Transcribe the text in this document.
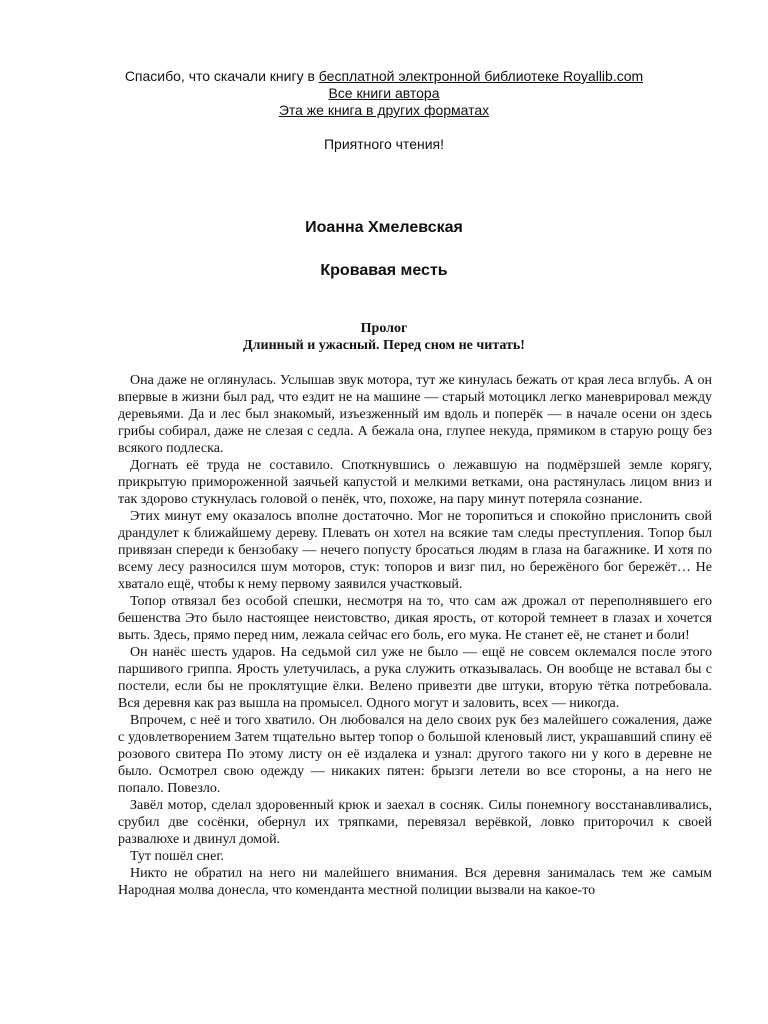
Спасибо, что скачали книгу в бесплатной электронной библиотеке Royallib.com
Все книги автора
Эта же книга в других форматах
Приятного чтения!
Иоанна Хмелевская
Кровавая месть
Пролог
Длинный и ужасный. Перед сном не читать!

Она даже не оглянулась. Услышав звук мотора, тут же кинулась бежать от края леса вглубь. А он впервые в жизни был рад, что ездит не на машине — старый мотоцикл легко маневрировал между деревьями. Да и лес был знакомый, изъезженный им вдоль и поперёк — в начале осени он здесь грибы собирал, даже не слезая с седла. А бежала она, глупее некуда, прямиком в старую рощу без всякого подлеска.

Догнать её труда не составило. Споткнувшись о лежавшую на подмёрзшей земле корягу, прикрытую примороженной заячьей капустой и мелкими ветками, она растянулась лицом вниз и так здорово стукнулась головой о пенёк, что, похоже, на пару минут потеряла сознание.

Этих минут ему оказалось вполне достаточно. Мог не торопиться и спокойно прислонить свой драндулет к ближайшему дереву. Плевать он хотел на всякие там следы преступления. Топор был привязан спереди к бензобаку — нечего попусту бросаться людям в глаза на багажнике. И хотя по всему лесу разносился шум моторов, стук: топоров и визг пил, но бережёного бог бережёт… Не хватало ещё, чтобы к нему первому заявился участковый.

Топор отвязал без особой спешки, несмотря на то, что сам аж дрожал от переполнявшего его бешенства Это было настоящее неистовство, дикая ярость, от которой темнеет в глазах и хочется выть. Здесь, прямо перед ним, лежала сейчас его боль, его мука. Не станет её, не станет и боли!

Он нанёс шесть ударов. На седьмой сил уже не было — ещё не совсем оклемался после этого паршивого гриппа. Ярость улетучилась, а рука служить отказывалась. Он вообще не вставал бы с постели, если бы не проклятущие ёлки. Велено привезти две штуки, вторую тётка потребовала. Вся деревня как раз вышла на промысел. Одного могут и заловить, всех — никогда.

Впрочем, с неё и того хватило. Он любовался на дело своих рук без малейшего сожаления, даже с удовлетворением Затем тщательно вытер топор о большой кленовый лист, украшавший спину её розового свитера По этому листу он её издалека и узнал: другого такого ни у кого в деревне не было. Осмотрел свою одежду — никаких пятен: брызги летели во все стороны, а на него не попало. Повезло.

Завёл мотор, сделал здоровенный крюк и заехал в сосняк. Силы понемногу восстанавливались, срубил две сосёнки, обернул их тряпками, перевязал верёвкой, ловко приторочил к своей развалюхе и двинул домой.

Тут пошёл снег.

Никто не обратил на него ни малейшего внимания. Вся деревня занималась тем же самым Народная молва донесла, что коменданта местной полиции вызвали на какое-то
